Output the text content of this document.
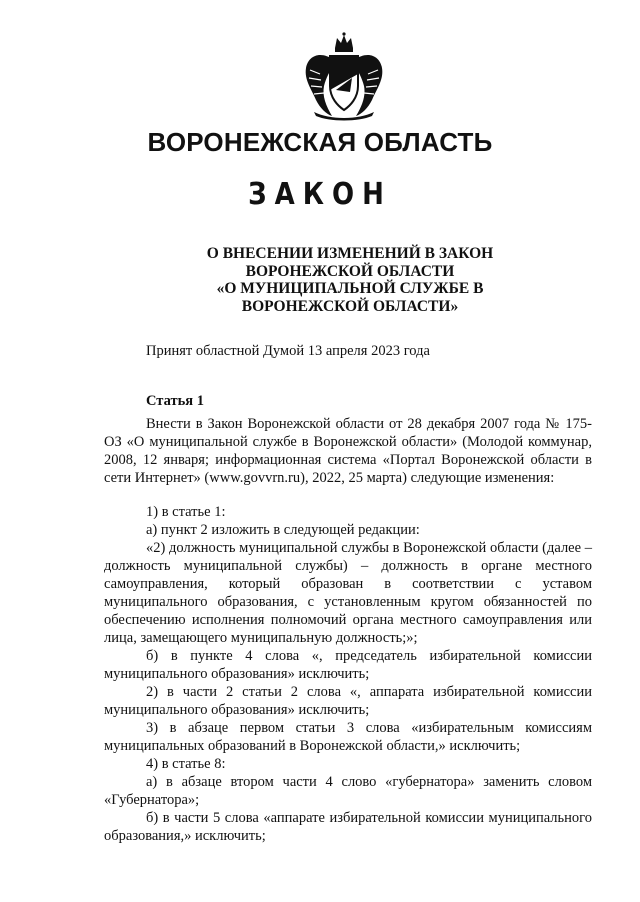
ВОРОНЕЖСКАЯ ОБЛАСТЬ
ЗАКОН
О ВНЕСЕНИИ ИЗМЕНЕНИЙ В ЗАКОН
ВОРОНЕЖСКОЙ ОБЛАСТИ
«О МУНИЦИПАЛЬНОЙ СЛУЖБЕ В
ВОРОНЕЖСКОЙ ОБЛАСТИ»
Принят областной Думой 13 апреля 2023 года
Статья 1

Внести в Закон Воронежской области от 28 декабря 2007 года № 175-ОЗ «О муниципальной службе в Воронежской области» (Молодой коммунар, 2008, 12 января; информационная система «Портал Воронежской области в сети Интернет» (www.govvrn.ru), 2022, 25 марта) следующие изменения:

1) в статье 1:

а) пункт 2 изложить в следующей редакции:

«2) должность муниципальной службы в Воронежской области (далее – должность муниципальной службы) – должность в органе местного самоуправления, который образован в соответствии с уставом муниципального образования, с установленным кругом обязанностей по обеспечению исполнения полномочий органа местного самоуправления или лица, замещающего муниципальную должность;»;

б) в пункте 4 слова «, председатель избирательной комиссии муниципального образования» исключить;

2) в части 2 статьи 2 слова «, аппарата избирательной комиссии муниципального образования» исключить;

3) в абзаце первом статьи 3 слова «избирательным комиссиям муниципальных образований в Воронежской области,» исключить;

4) в статье 8:

а) в абзаце втором части 4 слово «губернатора» заменить словом «Губернатора»;

б) в части 5 слова «аппарате избирательной комиссии муниципального образования,» исключить;
